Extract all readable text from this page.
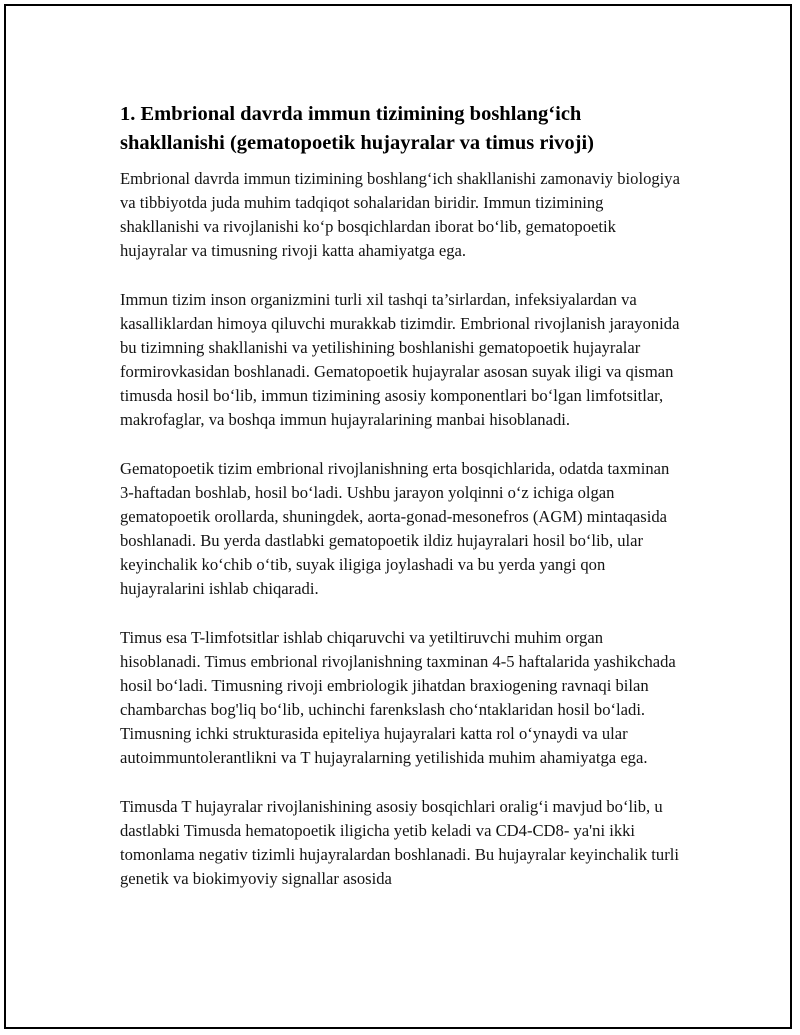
1. Embrional davrda immun tizimining boshlang‘ich shakllanishi (gematopoetik hujayralar va timus rivoji)

Embrional davrda immun tizimining boshlang‘ich shakllanishi zamonaviy biologiya va tibbiyotda juda muhim tadqiqot sohalaridan biridir. Immun tizimining shakllanishi va rivojlanishi ko‘p bosqichlardan iborat bo‘lib, gematopoetik hujayralar va timusning rivoji katta ahamiyatga ega.

Immun tizim inson organizmini turli xil tashqi ta’sirlardan, infeksiyalardan va kasalliklardan himoya qiluvchi murakkab tizimdir. Embrional rivojlanish jarayonida bu tizimning shakllanishi va yetilishining boshlanishi gematopoetik hujayralar formirovkasidan boshlanadi. Gematopoetik hujayralar asosan suyak iligi va qisman timusda hosil bo‘lib, immun tizimining asosiy komponentlari bo‘lgan limfotsitlar, makrofaglar, va boshqa immun hujayralarining manbai hisoblanadi.

Gematopoetik tizim embrional rivojlanishning erta bosqichlarida, odatda taxminan 3-haftadan boshlab, hosil bo‘ladi. Ushbu jarayon yolqinni o‘z ichiga olgan gematopoetik orollarda, shuningdek, aorta-gonad-mesonefros (AGM) mintaqasida boshlanadi. Bu yerda dastlabki gematopoetik ildiz hujayralari hosil bo‘lib, ular keyinchalik ko‘chib o‘tib, suyak iligiga joylashadi va bu yerda yangi qon hujayralarini ishlab chiqaradi.

Timus esa T-limfotsitlar ishlab chiqaruvchi va yetiltiruvchi muhim organ hisoblanadi. Timus embrional rivojlanishning taxminan 4-5 haftalarida yashikchada hosil bo‘ladi. Timusning rivoji embriologik jihatdan braxiogening ravnaqi bilan chambarchas bog'liq bo‘lib, uchinchi farenkslash cho‘ntaklaridan hosil bo‘ladi. Timusning ichki strukturasida epiteliya hujayralari katta rol o‘ynaydi va ular autoimmuntolerantlikni va T hujayralarning yetilishida muhim ahamiyatga ega.

Timusda T hujayralar rivojlanishining asosiy bosqichlari oralig‘i mavjud bo‘lib, u dastlabki Timusda hematopoetik iligicha yetib keladi va CD4-CD8- ya'ni ikki tomonlama negativ tizimli hujayralardan boshlanadi. Bu hujayralar keyinchalik turli genetik va biokimyoviy signallar asosida
